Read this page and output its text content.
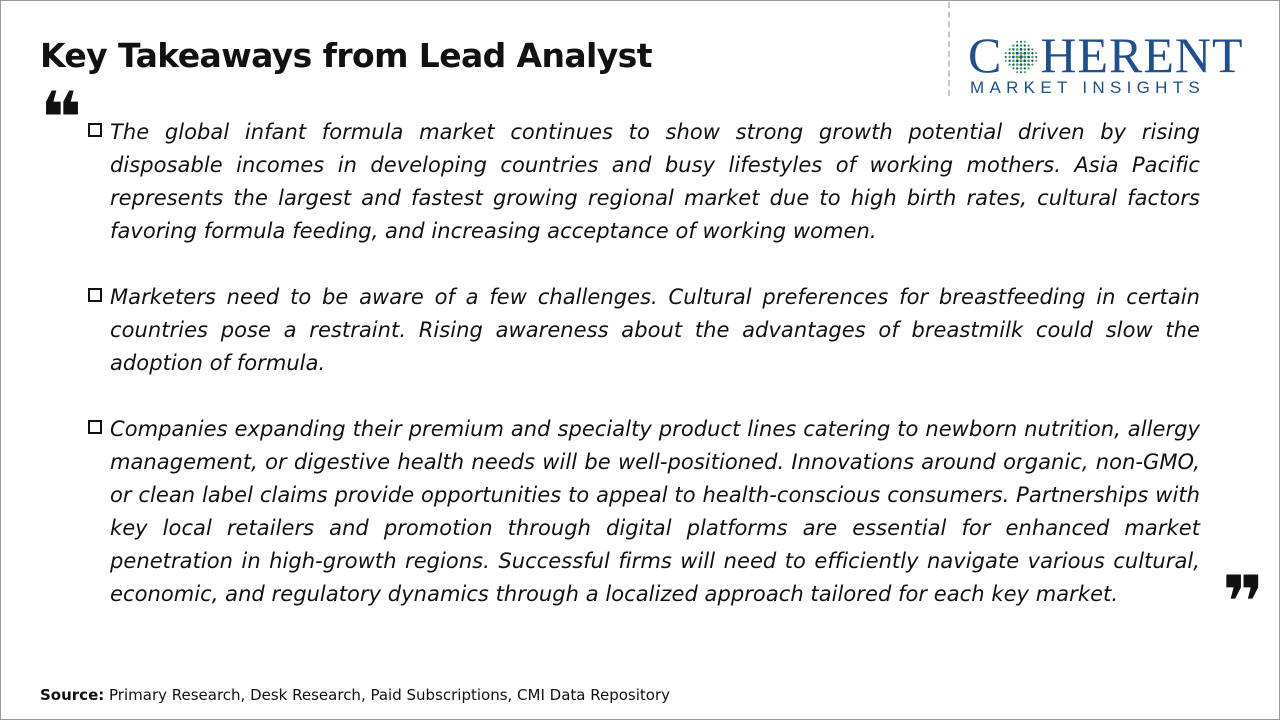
Key Takeaways from Lead Analyst	C HERENT
MARKET INSIGHTS
❝ The global infant formula market continues to show strong growth potential driven by rising disposable incomes in developing countries and busy lifestyles of working mothers. Asia Pacific represents the largest and fastest growing regional market due to high birth rates, cultural factors favoring formula feeding, and increasing acceptance of working women.
Marketers need to be aware of a few challenges. Cultural preferences for breastfeeding in certain countries pose a restraint. Rising awareness about the advantages of breastmilk could slow the adoption of formula.
Companies expanding their premium and specialty product lines catering to newborn nutrition, allergy management, or digestive health needs will be well-positioned. Innovations around organic, non-GMO, or clean label claims provide opportunities to appeal to health-conscious consumers. Partnerships with key local retailers and promotion through digital platforms are essential for enhanced market penetration in high-growth regions. Successful firms will need to efficiently navigate various cultural, economic, and regulatory dynamics through a localized approach tailored for each key market.	❞
Source: Primary Research, Desk Research, Paid Subscriptions, CMI Data Repository
